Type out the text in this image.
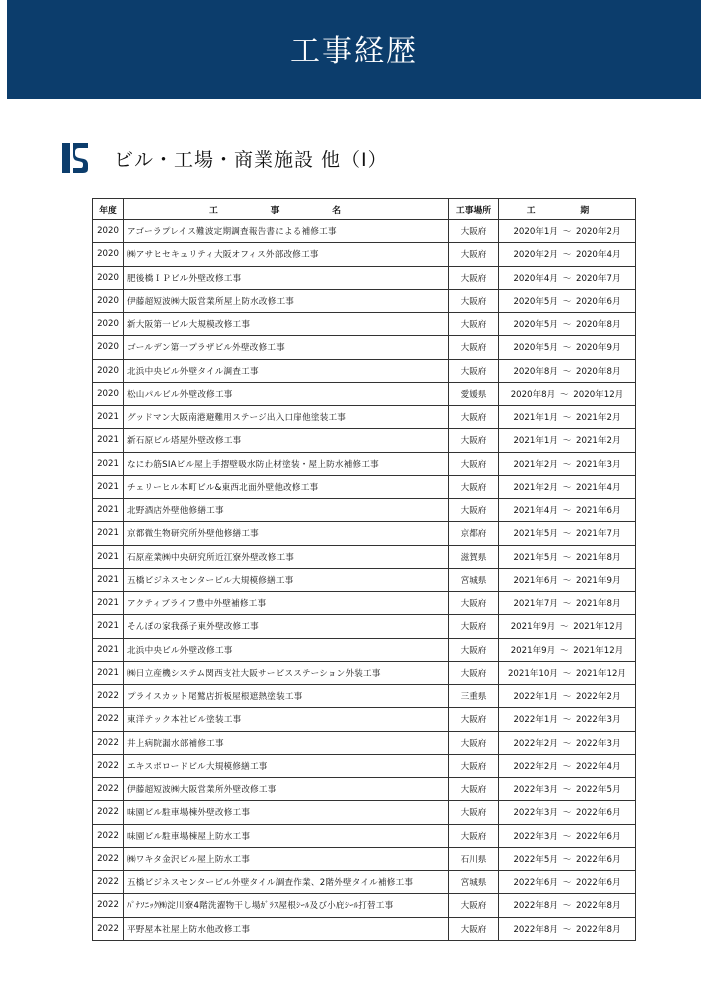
工事経歴
ビル・工場・商業施設 他（Ⅰ）
年度	工　事　名	工事場所	工　期
2020	アゴーラプレイス難波定期調査報告書による補修工事	大阪府	2020年1月 ～ 2020年2月
2020	㈱アサヒセキュリティ大阪オフィス外部改修工事	大阪府	2020年2月 ～ 2020年4月
2020	肥後橋ＩＰビル外壁改修工事	大阪府	2020年4月 ～ 2020年7月
2020	伊藤超短波㈱大阪営業所屋上防水改修工事	大阪府	2020年5月 ～ 2020年6月
2020	新大阪第一ビル大規模改修工事	大阪府	2020年5月 ～ 2020年8月
2020	ゴールデン第一プラザビル外壁改修工事	大阪府	2020年5月 ～ 2020年9月
2020	北浜中央ビル外壁タイル調査工事	大阪府	2020年8月 ～ 2020年8月
2020	松山パルビル外壁改修工事	愛媛県	2020年8月 ～ 2020年12月
2021	グッドマン大阪南港避難用ステージ出入口扉他塗装工事	大阪府	2021年1月 ～ 2021年2月
2021	新石原ビル塔屋外壁改修工事	大阪府	2021年1月 ～ 2021年2月
2021	なにわ筋SIAビル屋上手摺壁吸水防止材塗装・屋上防水補修工事	大阪府	2021年2月 ～ 2021年3月
2021	チェリーヒル本町ビル&東西北面外壁他改修工事	大阪府	2021年2月 ～ 2021年4月
2021	北野酒店外壁他修繕工事	大阪府	2021年4月 ～ 2021年6月
2021	京都微生物研究所外壁他修繕工事	京都府	2021年5月 ～ 2021年7月
2021	石原産業㈱中央研究所近江寮外壁改修工事	滋賀県	2021年5月 ～ 2021年8月
2021	五橋ビジネスセンタービル大規模修繕工事	宮城県	2021年6月 ～ 2021年9月
2021	アクティブライフ豊中外壁補修工事	大阪府	2021年7月 ～ 2021年8月
2021	そんぽの家我孫子東外壁改修工事	大阪府	2021年9月 ～ 2021年12月
2021	北浜中央ビル外壁改修工事	大阪府	2021年9月 ～ 2021年12月
2021	㈱日立産機システム関西支社大阪サービスステーション外装工事	大阪府	2021年10月 ～ 2021年12月
2022	プライスカット尾鷲店折板屋根遮熱塗装工事	三重県	2022年1月 ～ 2022年2月
2022	東洋テック本社ビル塗装工事	大阪府	2022年1月 ～ 2022年3月
2022	井上病院漏水部補修工事	大阪府	2022年2月 ～ 2022年3月
2022	エキスポロードビル大規模修繕工事	大阪府	2022年2月 ～ 2022年4月
2022	伊藤超短波㈱大阪営業所外壁改修工事	大阪府	2022年3月 ～ 2022年5月
2022	味園ビル駐車場棟外壁改修工事	大阪府	2022年3月 ～ 2022年6月
2022	味園ビル駐車場棟屋上防水工事	大阪府	2022年3月 ～ 2022年6月
2022	㈱ワキタ金沢ビル屋上防水工事	石川県	2022年5月 ～ 2022年6月
2022	五橋ビジネスセンタービル外壁タイル調査作業、2階外壁タイル補修工事	宮城県	2022年6月 ～ 2022年6月
2022	ﾊﾟﾅｿﾆｯｸ㈱淀川寮4階洗濯物干し場ｶﾞﾗｽ屋根ｼｰﾙ及び小庇ｼｰﾙ打替工事	大阪府	2022年8月 ～ 2022年8月
2022	平野屋本社屋上防水他改修工事	大阪府	2022年8月 ～ 2022年8月
